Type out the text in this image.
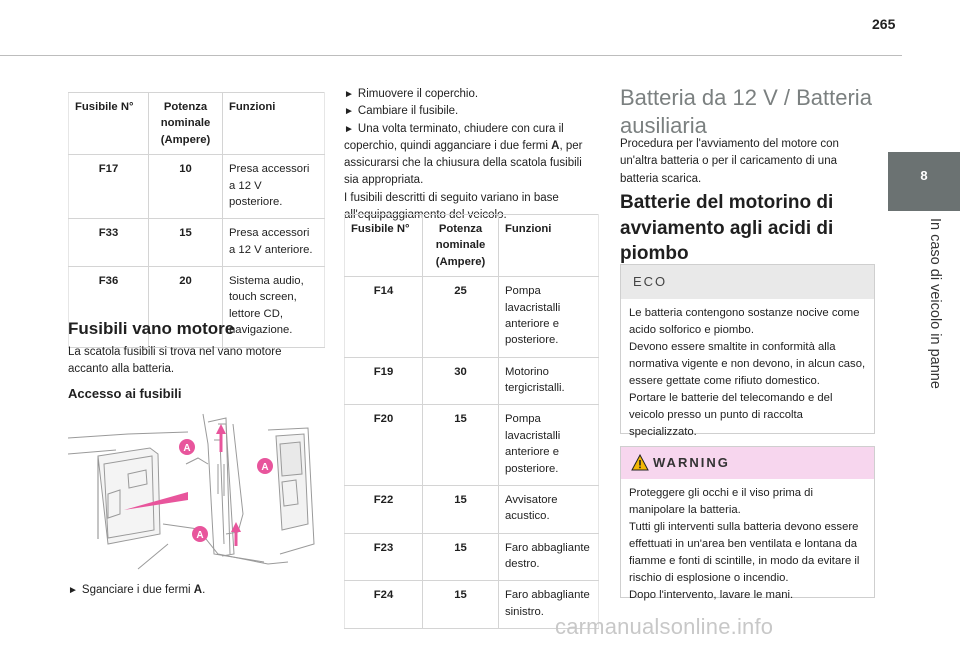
265
8
In caso di veicolo in panne
Fusibile N°	Potenza nominale (Ampere)	Funzioni
F17	10	Presa accessori a 12 V posteriore.
F33	15	Presa accessori a 12 V anteriore.
F36	20	Sistema audio, touch screen, lettore CD, navigazione.
Fusibili vano motore
La scatola fusibili si trova nel vano motore accanto alla batteria.
Accesso ai fusibili
A
A
A
► Sganciare i due fermi A.
► Rimuovere il coperchio.
► Cambiare il fusibile.
► Una volta terminato, chiudere con cura il coperchio, quindi agganciare i due fermi A, per assicurarsi che la chiusura della scatola fusibili sia appropriata.
I fusibili descritti di seguito variano in base all'equipaggiamento del veicolo.
Fusibile N°	Potenza nominale (Ampere)	Funzioni
F14	25	Pompa lavacristalli anteriore e posteriore.
F19	30	Motorino tergicristalli.
F20	15	Pompa lavacristalli anteriore e posteriore.
F22	15	Avvisatore acustico.
F23	15	Faro abbagliante destro.
F24	15	Faro abbagliante sinistro.
Batteria da 12 V / Batteria ausiliaria
Procedura per l'avviamento del motore con un'altra batteria o per il caricamento di una batteria scarica.
Batterie del motorino di avviamento agli acidi di piombo
ECO
Le batteria contengono sostanze nocive come acido solforico e piombo.
Devono essere smaltite in conformità alla normativa vigente e non devono, in alcun caso, essere gettate come rifiuto domestico.
Portare le batterie del telecomando e del veicolo presso un punto di raccolta specializzato.
WARNING
Proteggere gli occhi e il viso prima di manipolare la batteria.
Tutti gli interventi sulla batteria devono essere effettuati in un'area ben ventilata e lontana da fiamme e fonti di scintille, in modo da evitare il rischio di esplosione o incendio.
Dopo l'intervento, lavare le mani.
carmanualsonline.info
